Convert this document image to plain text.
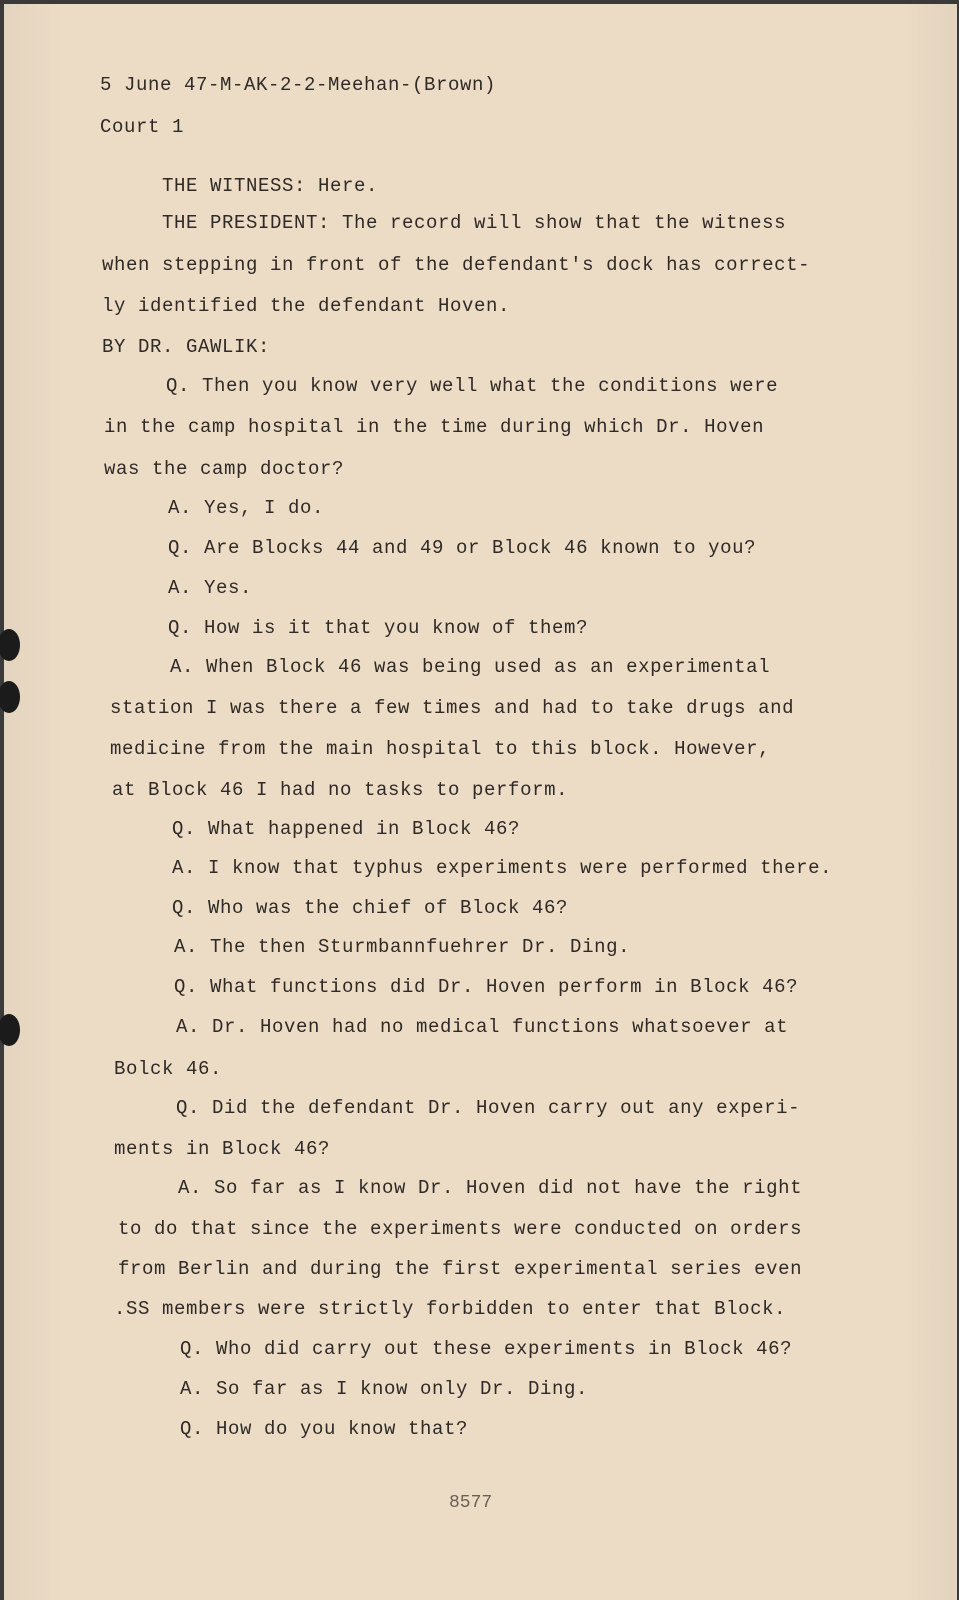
5 June 47-M-AK-2-2-Meehan-(Brown)
Court 1
THE WITNESS: Here.
THE PRESIDENT: The record will show that the witness
when stepping in front of the defendant's dock has correct-
ly identified the defendant Hoven.
BY DR. GAWLIK:
Q. Then you know very well what the conditions were
in the camp hospital in the time during which Dr. Hoven
was the camp doctor?
A. Yes, I do.
Q. Are Blocks 44 and 49 or Block 46 known to you?
A. Yes.
Q. How is it that you know of them?
A. When Block 46 was being used as an experimental
station I was there a few times and had to take drugs and
medicine from the main hospital to this block. However,
at Block 46 I had no tasks to perform.
Q. What happened in Block 46?
A. I know that typhus experiments were performed there.
Q. Who was the chief of Block 46?
A. The then Sturmbannfuehrer Dr. Ding.
Q. What functions did Dr. Hoven perform in Block 46?
A. Dr. Hoven had no medical functions whatsoever at
Bolck 46.
Q. Did the defendant Dr. Hoven carry out any experi-
ments in Block 46?
A. So far as I know Dr. Hoven did not have the right
to do that since the experiments were conducted on orders
from Berlin and during the first experimental series even
.SS members were strictly forbidden to enter that Block.
Q. Who did carry out these experiments in Block 46?
A. So far as I know only Dr. Ding.
Q. How do you know that?
8577
